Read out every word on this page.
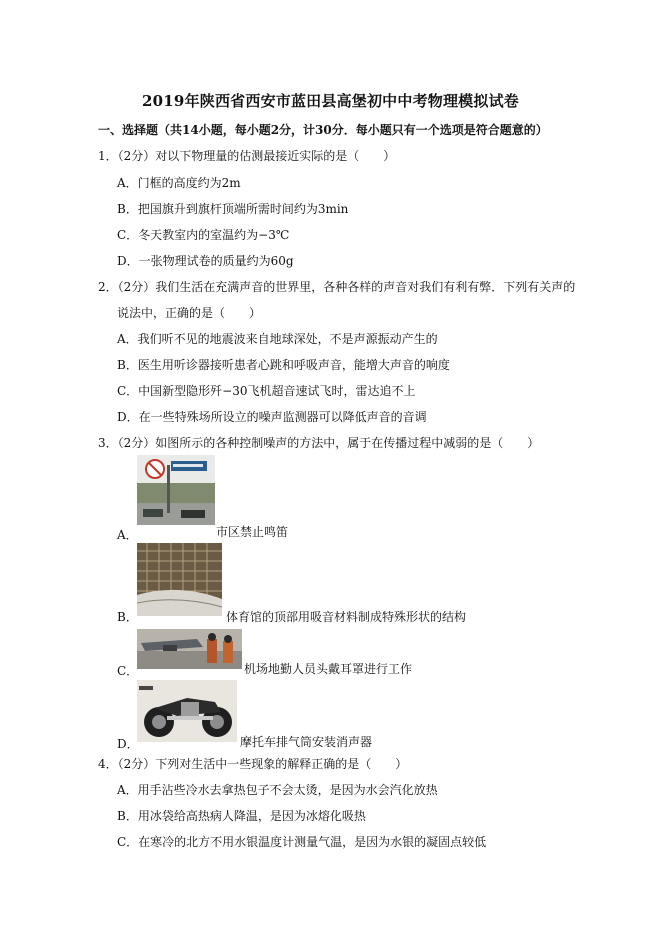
2019年陕西省西安市蓝田县高堡初中中考物理模拟试卷
一、选择题（共14小题，每小题2分，计30分．每小题只有一个选项是符合题意的）
1．（2分）对以下物理量的估测最接近实际的是（　　）
A．门框的高度约为2m
B．把国旗升到旗杆顶端所需时间约为3min
C．冬天教室内的室温约为−3℃
D．一张物理试卷的质量约为60g
2．（2分）我们生活在充满声音的世界里，各种各样的声音对我们有利有弊．下列有关声的
说法中，正确的是（　　）
A．我们听不见的地震波来自地球深处，不是声源振动产生的
B．医生用听诊器接听患者心跳和呼吸声音，能增大声音的响度
C．中国新型隐形歼−30飞机超音速试飞时，雷达追不上
D．在一些特殊场所设立的噪声监测器可以降低声音的音调
3．（2分）如图所示的各种控制噪声的方法中，属于在传播过程中减弱的是（　　）
A．	市区禁止鸣笛
B．	体育馆的顶部用吸音材料制成特殊形状的结构
C．	机场地勤人员头戴耳罩进行工作
D．	摩托车排气筒安装消声器
4．（2分）下列对生活中一些现象的解释正确的是（　　）
A．用手沾些冷水去拿热包子不会太烫，是因为水会汽化放热
B．用冰袋给高热病人降温，是因为冰熔化吸热
C．在寒冷的北方不用水银温度计测量气温，是因为水银的凝固点较低
